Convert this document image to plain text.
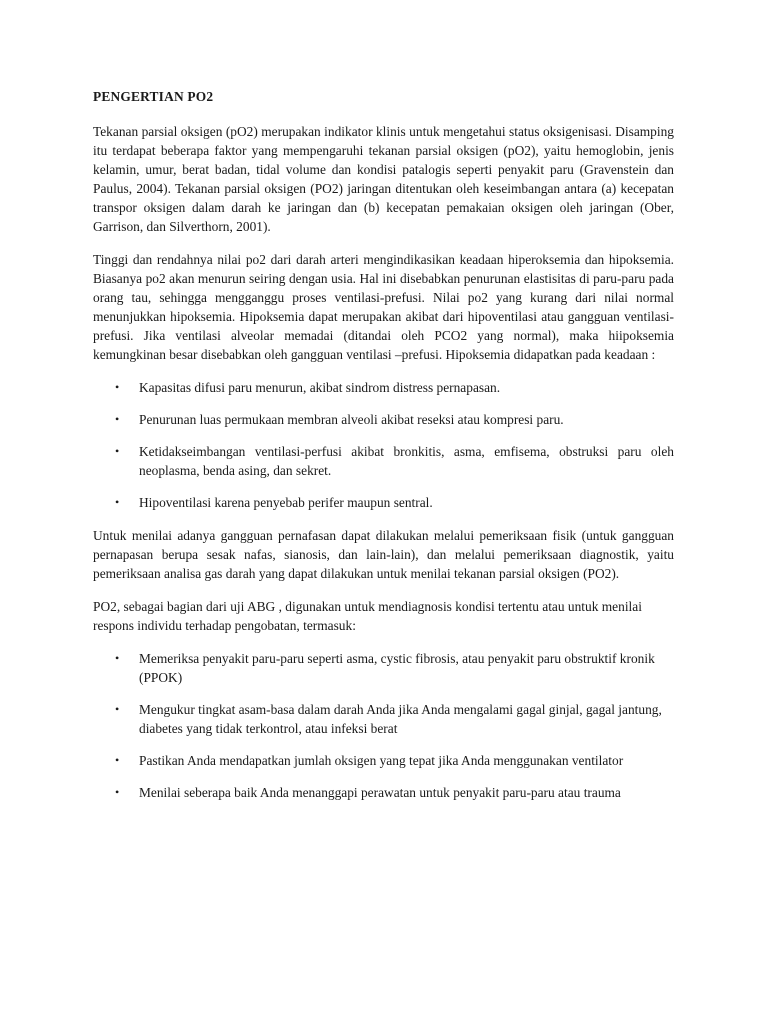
PENGERTIAN PO2

Tekanan parsial oksigen (pO2) merupakan indikator klinis untuk mengetahui status oksigenisasi. Disamping itu terdapat beberapa faktor yang mempengaruhi tekanan parsial oksigen (pO2), yaitu hemoglobin, jenis kelamin, umur, berat badan, tidal volume dan kondisi patalogis seperti penyakit paru (Gravenstein dan Paulus, 2004). Tekanan parsial oksigen (PO2) jaringan ditentukan oleh keseimbangan antara (a) kecepatan transpor oksigen dalam darah ke jaringan dan (b) kecepatan pemakaian oksigen oleh jaringan (Ober, Garrison, dan Silverthorn, 2001).

Tinggi dan rendahnya nilai po2 dari darah arteri mengindikasikan keadaan hiperoksemia dan hipoksemia. Biasanya po2 akan menurun seiring dengan usia. Hal ini disebabkan penurunan elastisitas di paru-paru pada orang tau, sehingga mengganggu proses ventilasi-prefusi. Nilai po2 yang kurang dari nilai normal menunjukkan hipoksemia. Hipoksemia dapat merupakan akibat dari hipoventilasi atau gangguan ventilasi-prefusi. Jika ventilasi alveolar memadai (ditandai oleh PCO2 yang normal), maka hiipoksemia kemungkinan besar disebabkan oleh gangguan ventilasi –prefusi. Hipoksemia didapatkan pada keadaan :

• Kapasitas difusi paru menurun, akibat sindrom distress pernapasan.
• Penurunan luas permukaan membran alveoli akibat reseksi atau kompresi paru.
• Ketidakseimbangan ventilasi-perfusi akibat bronkitis, asma, emfisema, obstruksi paru oleh neoplasma, benda asing, dan sekret.
• Hipoventilasi karena penyebab perifer maupun sentral.

Untuk menilai adanya gangguan pernafasan dapat dilakukan melalui pemeriksaan fisik (untuk gangguan pernapasan berupa sesak nafas, sianosis, dan lain-lain), dan melalui pemeriksaan diagnostik, yaitu pemeriksaan analisa gas darah yang dapat dilakukan untuk menilai tekanan parsial oksigen (PO2).

PO2, sebagai bagian dari uji ABG , digunakan untuk mendiagnosis kondisi tertentu atau untuk menilai respons individu terhadap pengobatan, termasuk:

• Memeriksa penyakit paru-paru seperti asma, cystic fibrosis, atau penyakit paru obstruktif kronik (PPOK)
• Mengukur tingkat asam-basa dalam darah Anda jika Anda mengalami gagal ginjal, gagal jantung, diabetes yang tidak terkontrol, atau infeksi berat
• Pastikan Anda mendapatkan jumlah oksigen yang tepat jika Anda menggunakan ventilator
• Menilai seberapa baik Anda menanggapi perawatan untuk penyakit paru-paru atau trauma
